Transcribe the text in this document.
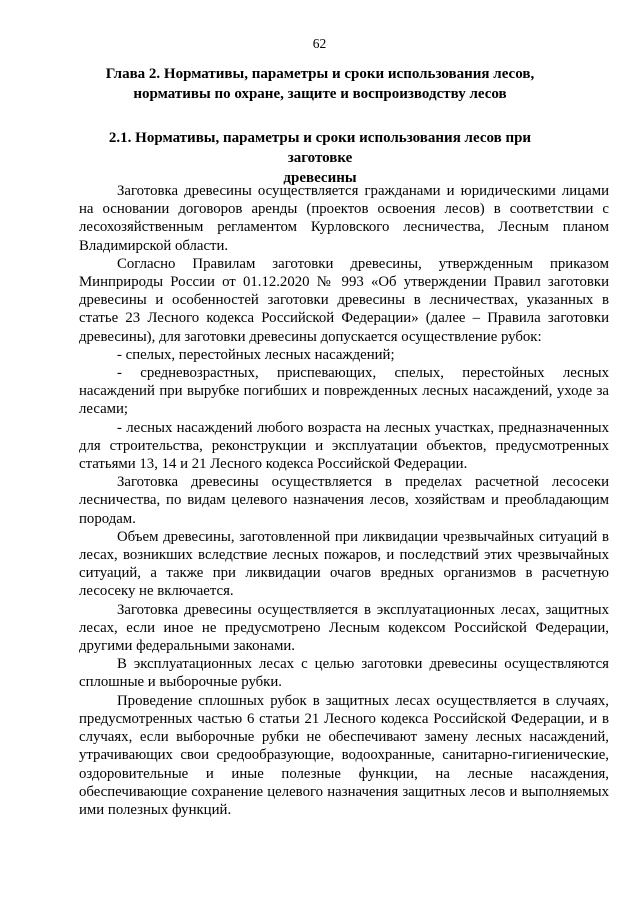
62
Глава 2. Нормативы, параметры и сроки использования лесов,
нормативы по охране, защите и воспроизводству лесов
2.1. Нормативы, параметры и сроки использования лесов при заготовке
древесины

Заготовка древесины осуществляется гражданами и юридическими лицами на основании договоров аренды (проектов освоения лесов) в соответствии с лесохозяйственным регламентом Курловского лесничества, Лесным планом Владимирской области.

Согласно Правилам заготовки древесины, утвержденным приказом Минприроды России от 01.12.2020 № 993 «Об утверждении Правил заготовки древесины и особенностей заготовки древесины в лесничествах, указанных в статье 23 Лесного кодекса Российской Федерации» (далее – Правила заготовки древесины), для заготовки древесины допускается осуществление рубок:

- спелых, перестойных лесных насаждений;

- средневозрастных, приспевающих, спелых, перестойных лесных насаждений при вырубке погибших и поврежденных лесных насаждений, уходе за лесами;

- лесных насаждений любого возраста на лесных участках, предназначенных для строительства, реконструкции и эксплуатации объектов, предусмотренных статьями 13, 14 и 21 Лесного кодекса Российской Федерации.

Заготовка древесины осуществляется в пределах расчетной лесосеки лесничества, по видам целевого назначения лесов, хозяйствам и преобладающим породам.

Объем древесины, заготовленной при ликвидации чрезвычайных ситуаций в лесах, возникших вследствие лесных пожаров, и последствий этих чрезвычайных ситуаций, а также при ликвидации очагов вредных организмов в расчетную лесосеку не включается.

Заготовка древесины осуществляется в эксплуатационных лесах, защитных лесах, если иное не предусмотрено Лесным кодексом Российской Федерации, другими федеральными законами.

В эксплуатационных лесах с целью заготовки древесины осуществляются сплошные и выборочные рубки.

Проведение сплошных рубок в защитных лесах осуществляется в случаях, предусмотренных частью 6 статьи 21 Лесного кодекса Российской Федерации, и в случаях, если выборочные рубки не обеспечивают замену лесных насаждений, утрачивающих свои средообразующие, водоохранные, санитарно-гигиенические, оздоровительные и иные полезные функции, на лесные насаждения, обеспечивающие сохранение целевого назначения защитных лесов и выполняемых ими полезных функций.
